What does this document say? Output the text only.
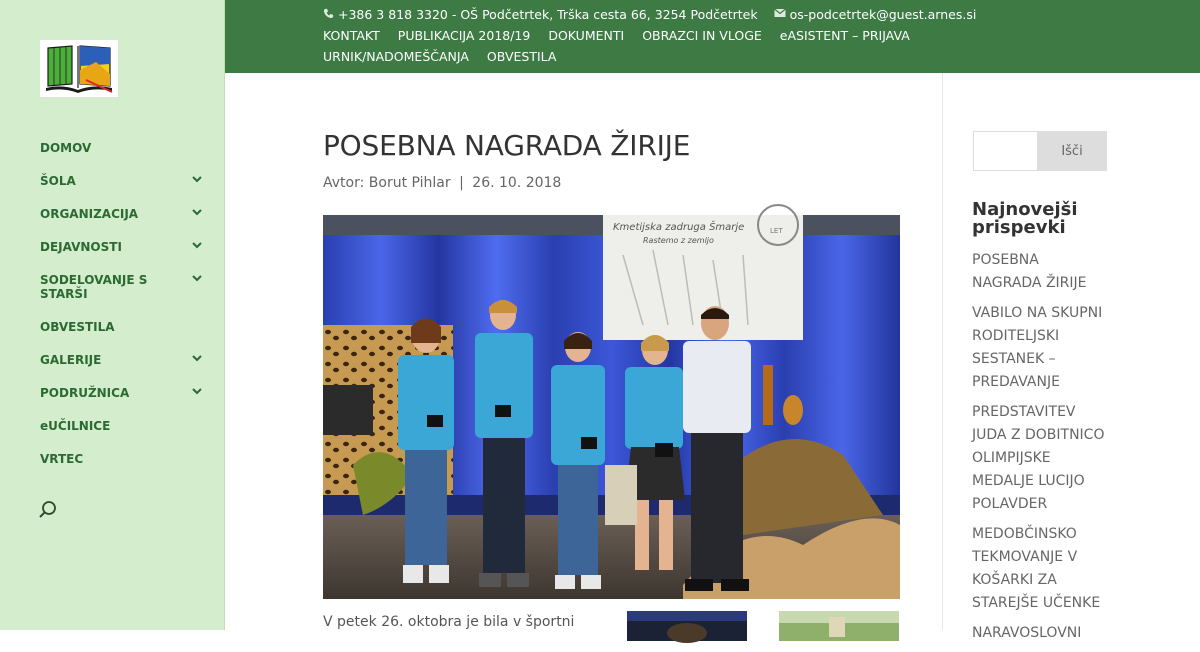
DOMOV
ŠOLA
ORGANIZACIJA
DEJAVNOSTI
SODELOVANJE S STARŠI
OBVESTILA
GALERIJE
PODRUŽNICA
eUČILNICE
VRTEC
+386 3 818 3320 - OŠ Podčetrtek, Trška cesta 66, 3254 Podčetrtek	os-podcetrtek@guest.arnes.si
KONTAKT PUBLIKACIJA 2018/19 DOKUMENTI OBRAZCI IN VLOGE eASISTENT – PRIJAVA
URNIK/NADOMEŠČANJA OBVESTILA
POSEBNA NAGRADA ŽIRIJE
Avtor: Borut Pihlar | 26. 10. 2018
Kmetijska zadruga Šmarje
Rastemo z zemljo
LET

V petek 26. oktobra je bila v športni

Išči
Najnovejši prispevki
POSEBNA NAGRADA ŽIRIJE
VABILO NA SKUPNI RODITELJSKI SESTANEK – PREDAVANJE
PREDSTAVITEV JUDA Z DOBITNICO OLIMPIJSKE MEDALJE LUCIJO POLAVDER
MEDOBČINSKO TEKMOVANJE V KOŠARKI ZA STAREJŠE UČENKE
NARAVOSLOVNI
